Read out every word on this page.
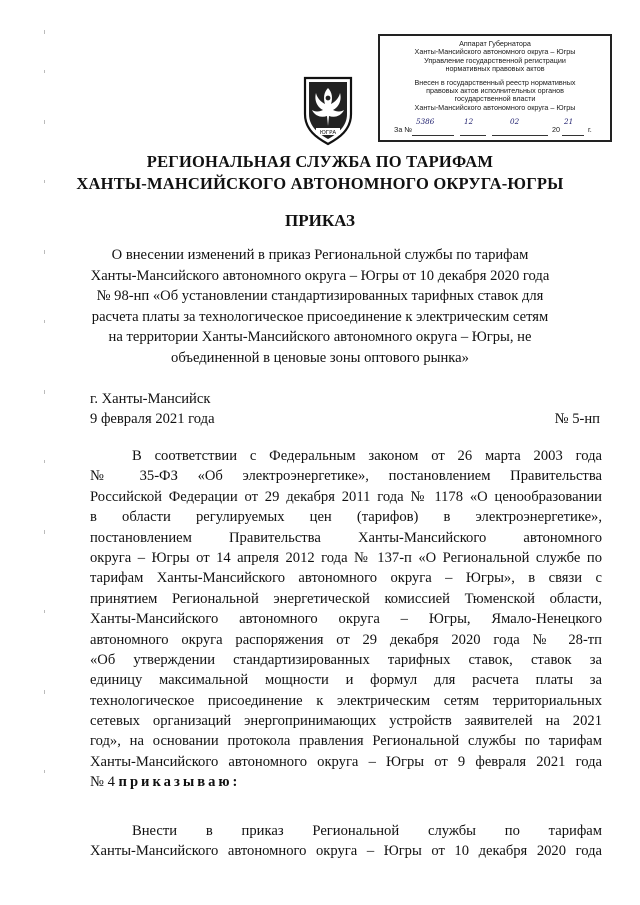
Аппарат Губернатора
Ханты-Мансийского автономного округа – Югры
Управление государственной регистрации
нормативных правовых актов
Внесен в государственный реестр нормативных
правовых актов исполнительных органов
государственной власти
Ханты-Мансийского автономного округа – Югры
За №
5386	12	02
20
21
г.
ЮГРА
РЕГИОНАЛЬНАЯ СЛУЖБА ПО ТАРИФАМ
ХАНТЫ-МАНСИЙСКОГО АВТОНОМНОГО ОКРУГА-ЮГРЫ
ПРИКАЗ
О внесении изменений в приказ Региональной службы по тарифам
Ханты-Мансийского автономного округа – Югры от 10 декабря 2020 года
№ 98-нп «Об установлении стандартизированных тарифных ставок для
расчета платы за технологическое присоединение к электрическим сетям
на территории Ханты-Мансийского автономного округа – Югры, не
объединенной в ценовые зоны оптового рынка»
г. Ханты-Мансийск
9 февраля 2021 года	№ 5-нп
В соответствии с Федеральным законом от 26 марта 2003 года
№ 35-ФЗ «Об электроэнергетике», постановлением Правительства
Российской Федерации от 29 декабря 2011 года № 1178 «О ценообразовании
в области регулируемых цен (тарифов) в электроэнергетике»,
постановлением Правительства Ханты-Мансийского автономного
округа – Югры от 14 апреля 2012 года № 137-п «О Региональной службе по
тарифам Ханты-Мансийского автономного округа – Югры», в связи с
принятием Региональной энергетической комиссией Тюменской области,
Ханты-Мансийского автономного округа – Югры, Ямало-Ненецкого
автономного округа распоряжения от 29 декабря 2020 года № 28-тп
«Об утверждении стандартизированных тарифных ставок, ставок за
единицу максимальной мощности и формул для расчета платы за
технологическое присоединение к электрическим сетям территориальных
сетевых организаций энергопринимающих устройств заявителей на 2021
год», на основании протокола правления Региональной службы по тарифам
Ханты-Мансийского автономного округа – Югры от 9 февраля 2021 года
№ 4 приказываю:
Внести в приказ Региональной службы по тарифам
Ханты-Мансийского автономного округа – Югры от 10 декабря 2020 года
